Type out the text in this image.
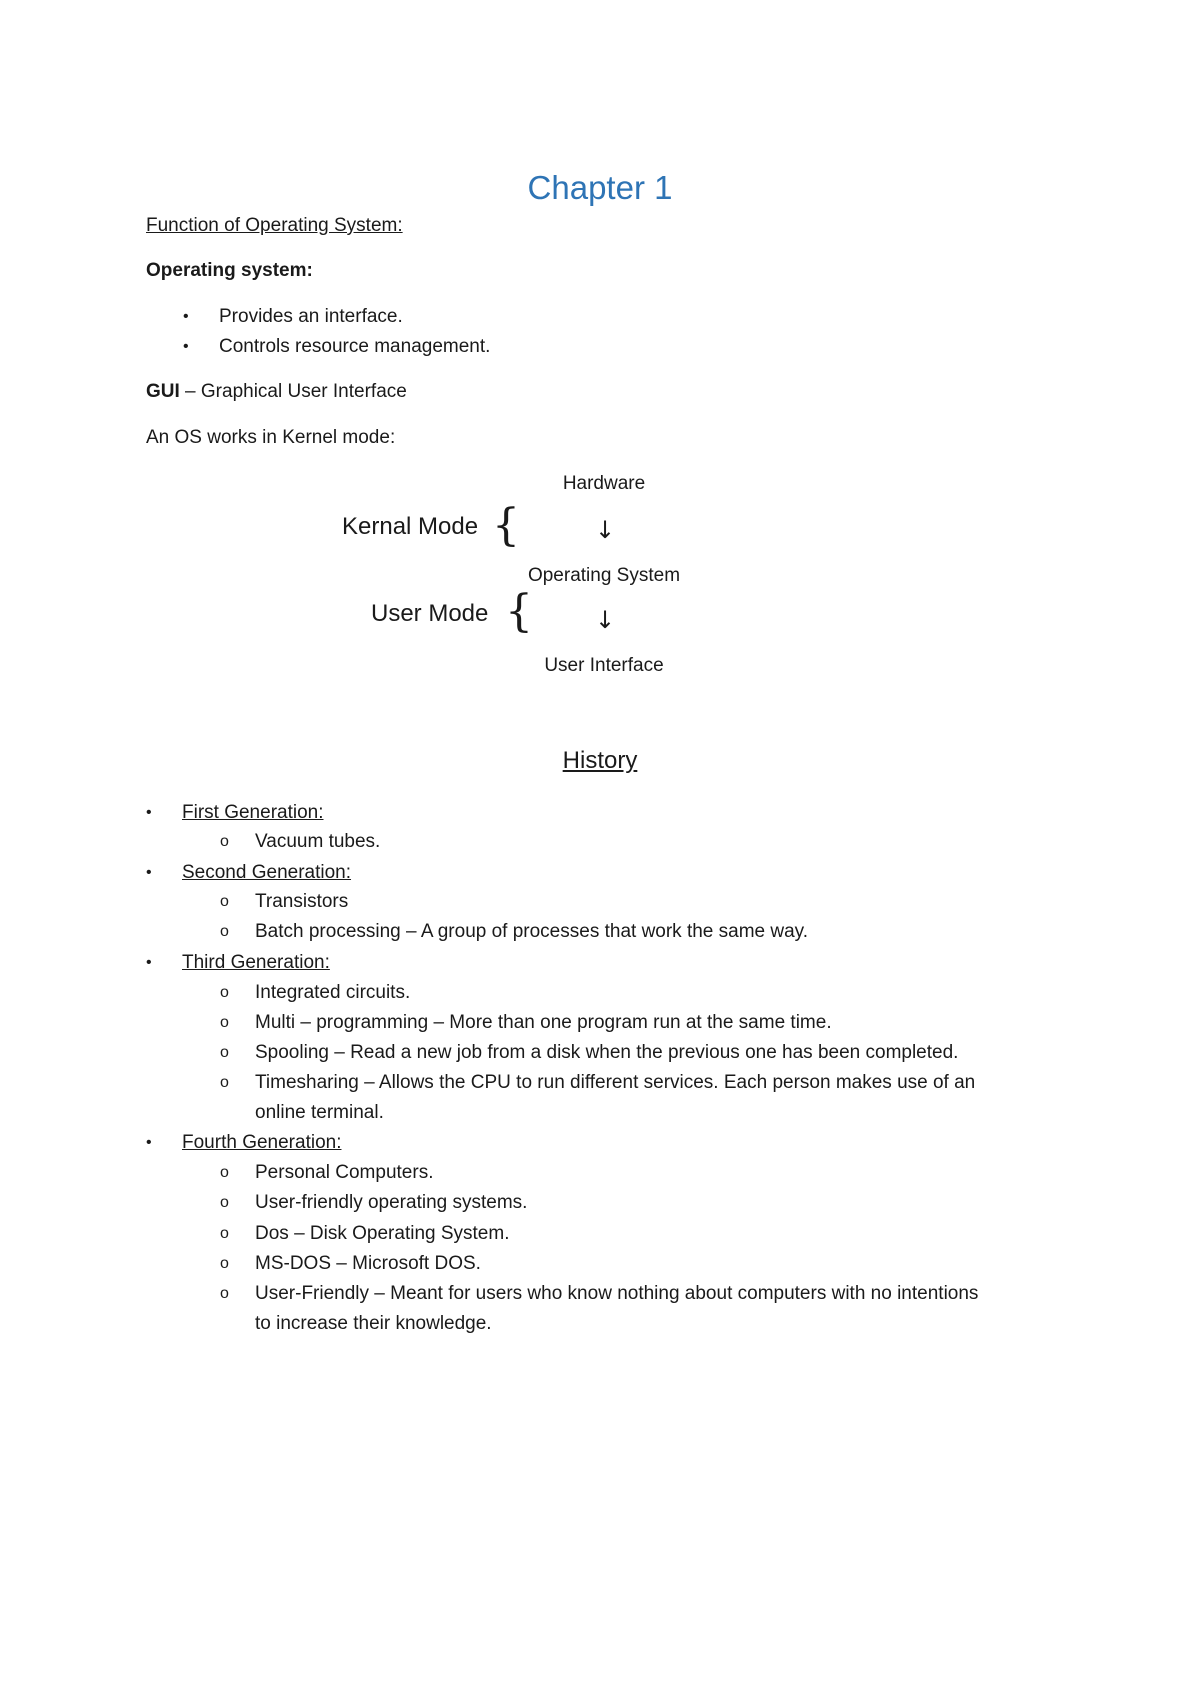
Chapter 1
Function of Operating System:
Operating system:
• Provides an interface.
• Controls resource management.
GUI – Graphical User Interface
An OS works in Kernel mode:
Hardware
Kernal Mode {	↓
Operating System
User Mode {	↓
User Interface
History
• First Generation:
o Vacuum tubes.
• Second Generation:
o Transistors
o Batch processing – A group of processes that work the same way.
• Third Generation:
o Integrated circuits.
o Multi – programming – More than one program run at the same time.
o Spooling – Read a new job from a disk when the previous one has been completed.
o Timesharing – Allows the CPU to run different services. Each person makes use of an
online terminal.
• Fourth Generation:
o Personal Computers.
o User-friendly operating systems.
o Dos – Disk Operating System.
o MS-DOS – Microsoft DOS.
o User-Friendly – Meant for users who know nothing about computers with no intentions
to increase their knowledge.
